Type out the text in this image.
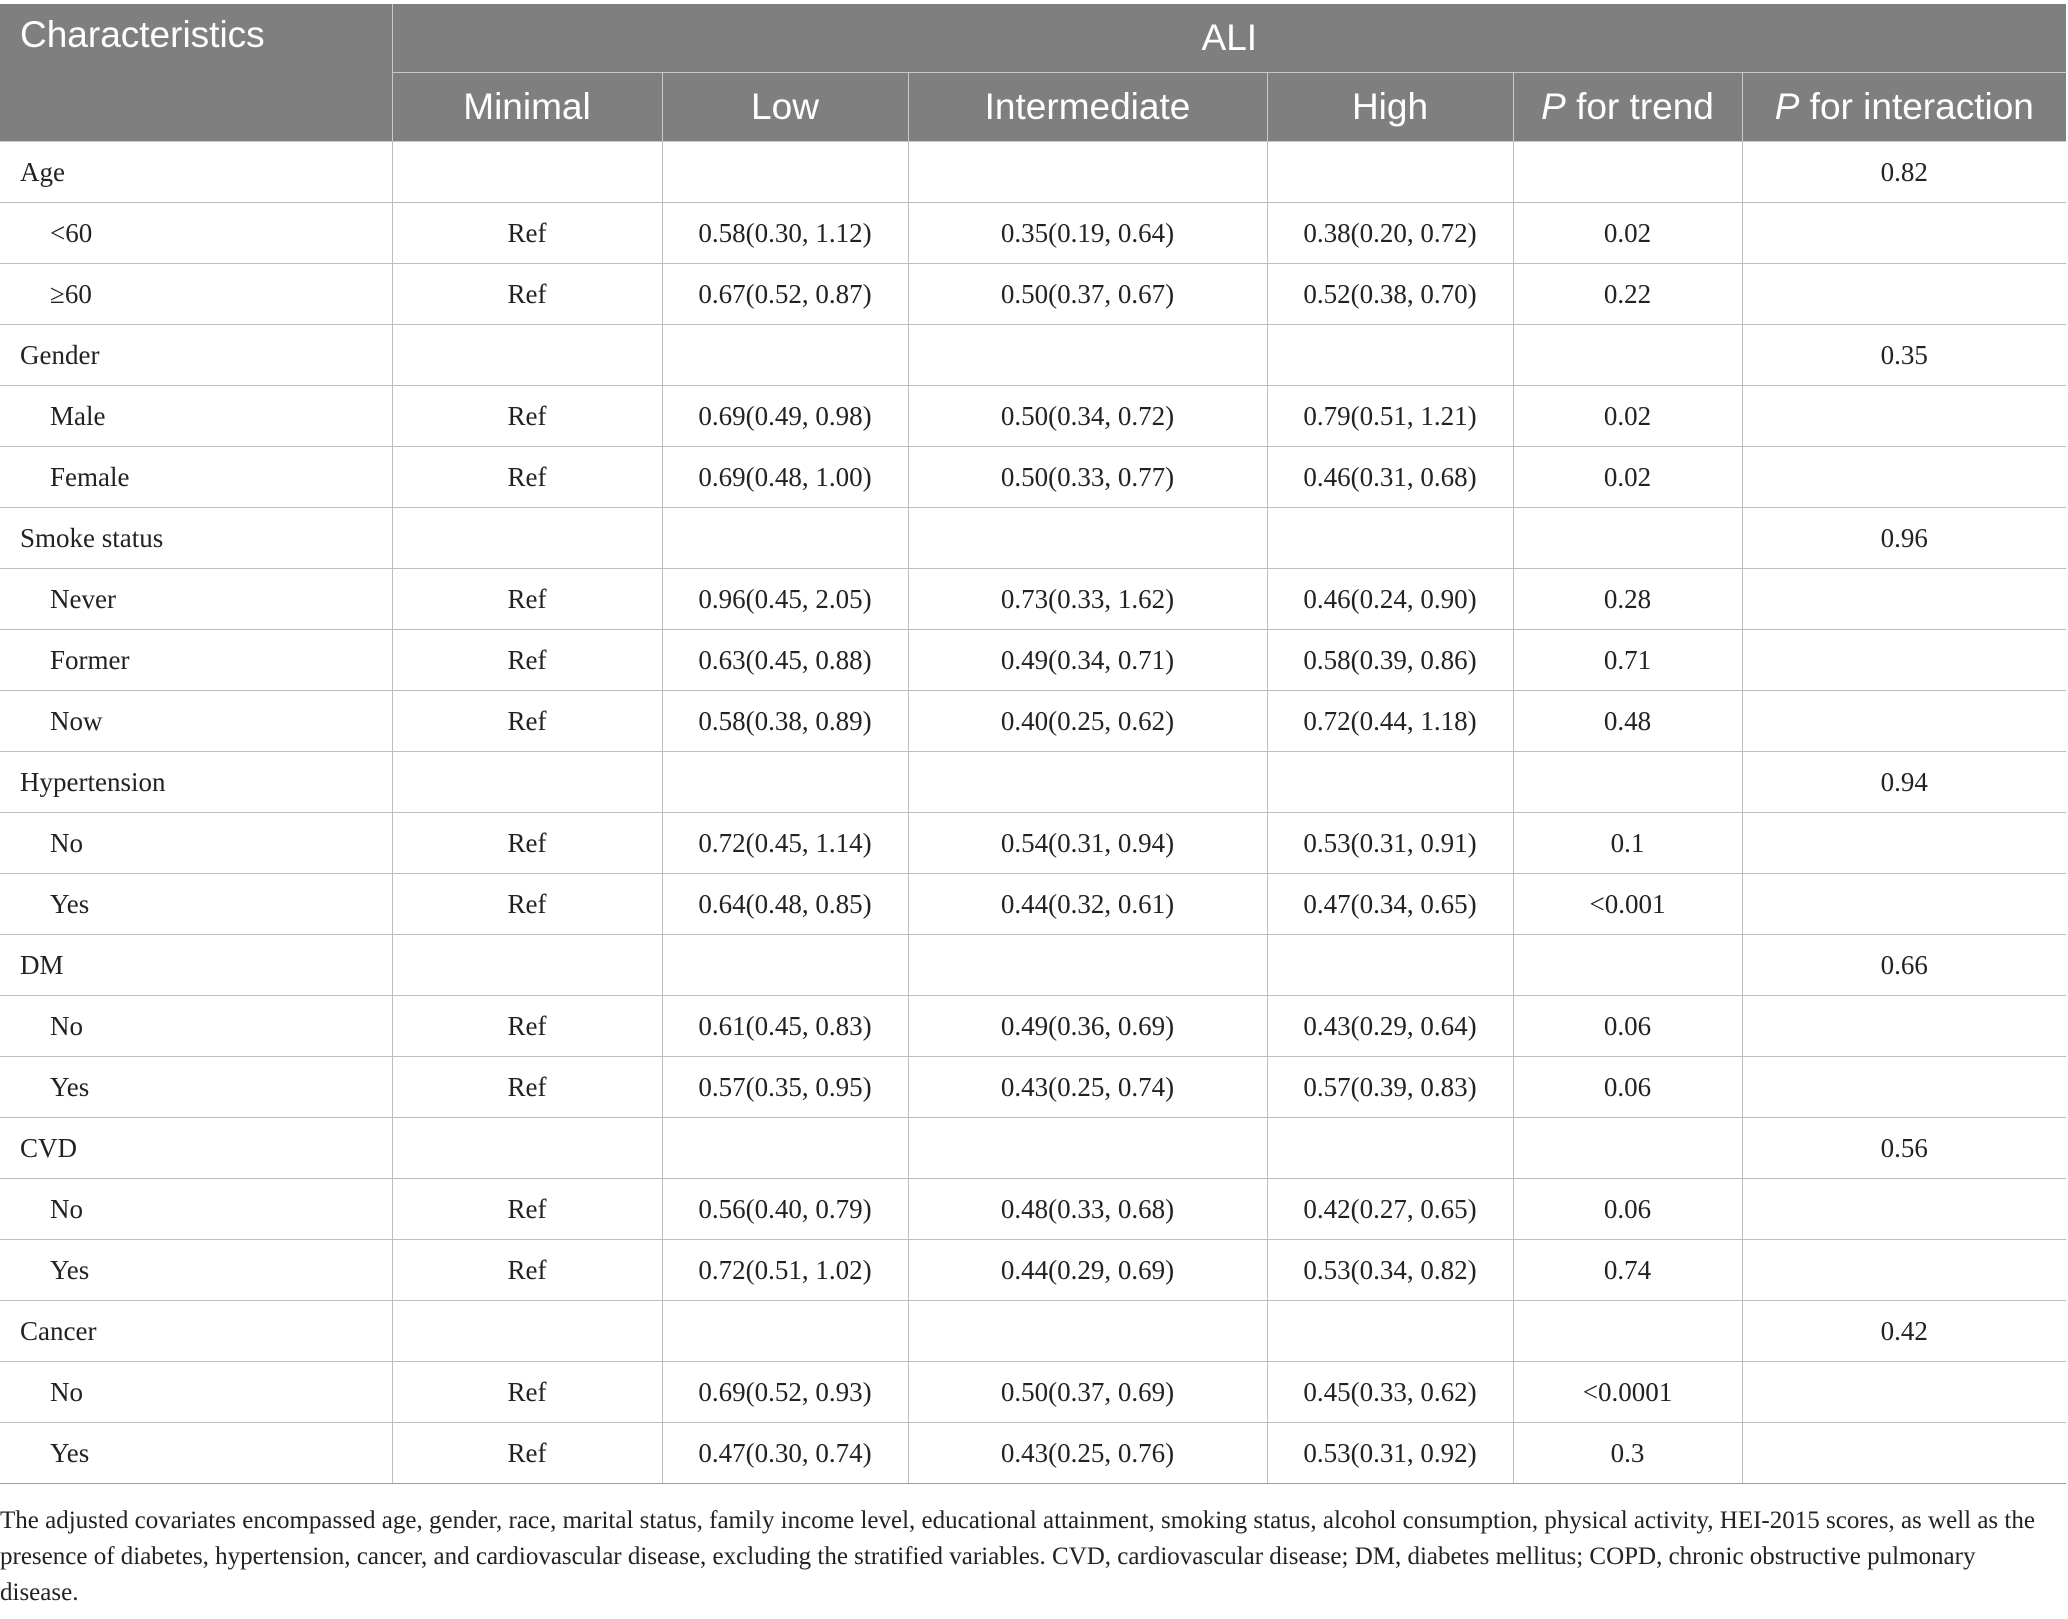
Characteristics	ALI					
	Minimal	Low	Intermediate	High	P for trend	P for interaction
Age						0.82
<60	Ref	0.58(0.30, 1.12)	0.35(0.19, 0.64)	0.38(0.20, 0.72)	0.02	
≥60	Ref	0.67(0.52, 0.87)	0.50(0.37, 0.67)	0.52(0.38, 0.70)	0.22	
Gender						0.35
Male	Ref	0.69(0.49, 0.98)	0.50(0.34, 0.72)	0.79(0.51, 1.21)	0.02	
Female	Ref	0.69(0.48, 1.00)	0.50(0.33, 0.77)	0.46(0.31, 0.68)	0.02	
Smoke status						0.96
Never	Ref	0.96(0.45, 2.05)	0.73(0.33, 1.62)	0.46(0.24, 0.90)	0.28	
Former	Ref	0.63(0.45, 0.88)	0.49(0.34, 0.71)	0.58(0.39, 0.86)	0.71	
Now	Ref	0.58(0.38, 0.89)	0.40(0.25, 0.62)	0.72(0.44, 1.18)	0.48	
Hypertension						0.94
No	Ref	0.72(0.45, 1.14)	0.54(0.31, 0.94)	0.53(0.31, 0.91)	0.1	
Yes	Ref	0.64(0.48, 0.85)	0.44(0.32, 0.61)	0.47(0.34, 0.65)	<0.001	
DM						0.66
No	Ref	0.61(0.45, 0.83)	0.49(0.36, 0.69)	0.43(0.29, 0.64)	0.06	
Yes	Ref	0.57(0.35, 0.95)	0.43(0.25, 0.74)	0.57(0.39, 0.83)	0.06	
CVD						0.56
No	Ref	0.56(0.40, 0.79)	0.48(0.33, 0.68)	0.42(0.27, 0.65)	0.06	
Yes	Ref	0.72(0.51, 1.02)	0.44(0.29, 0.69)	0.53(0.34, 0.82)	0.74	
Cancer						0.42
No	Ref	0.69(0.52, 0.93)	0.50(0.37, 0.69)	0.45(0.33, 0.62)	<0.0001	
Yes	Ref	0.47(0.30, 0.74)	0.43(0.25, 0.76)	0.53(0.31, 0.92)	0.3	
The adjusted covariates encompassed age, gender, race, marital status, family income level, educational attainment, smoking status, alcohol consumption, physical activity, HEI-2015 scores, as well as the presence of diabetes, hypertension, cancer, and cardiovascular disease, excluding the stratified variables. CVD, cardiovascular disease; DM, diabetes mellitus; COPD, chronic obstructive pulmonary disease.
